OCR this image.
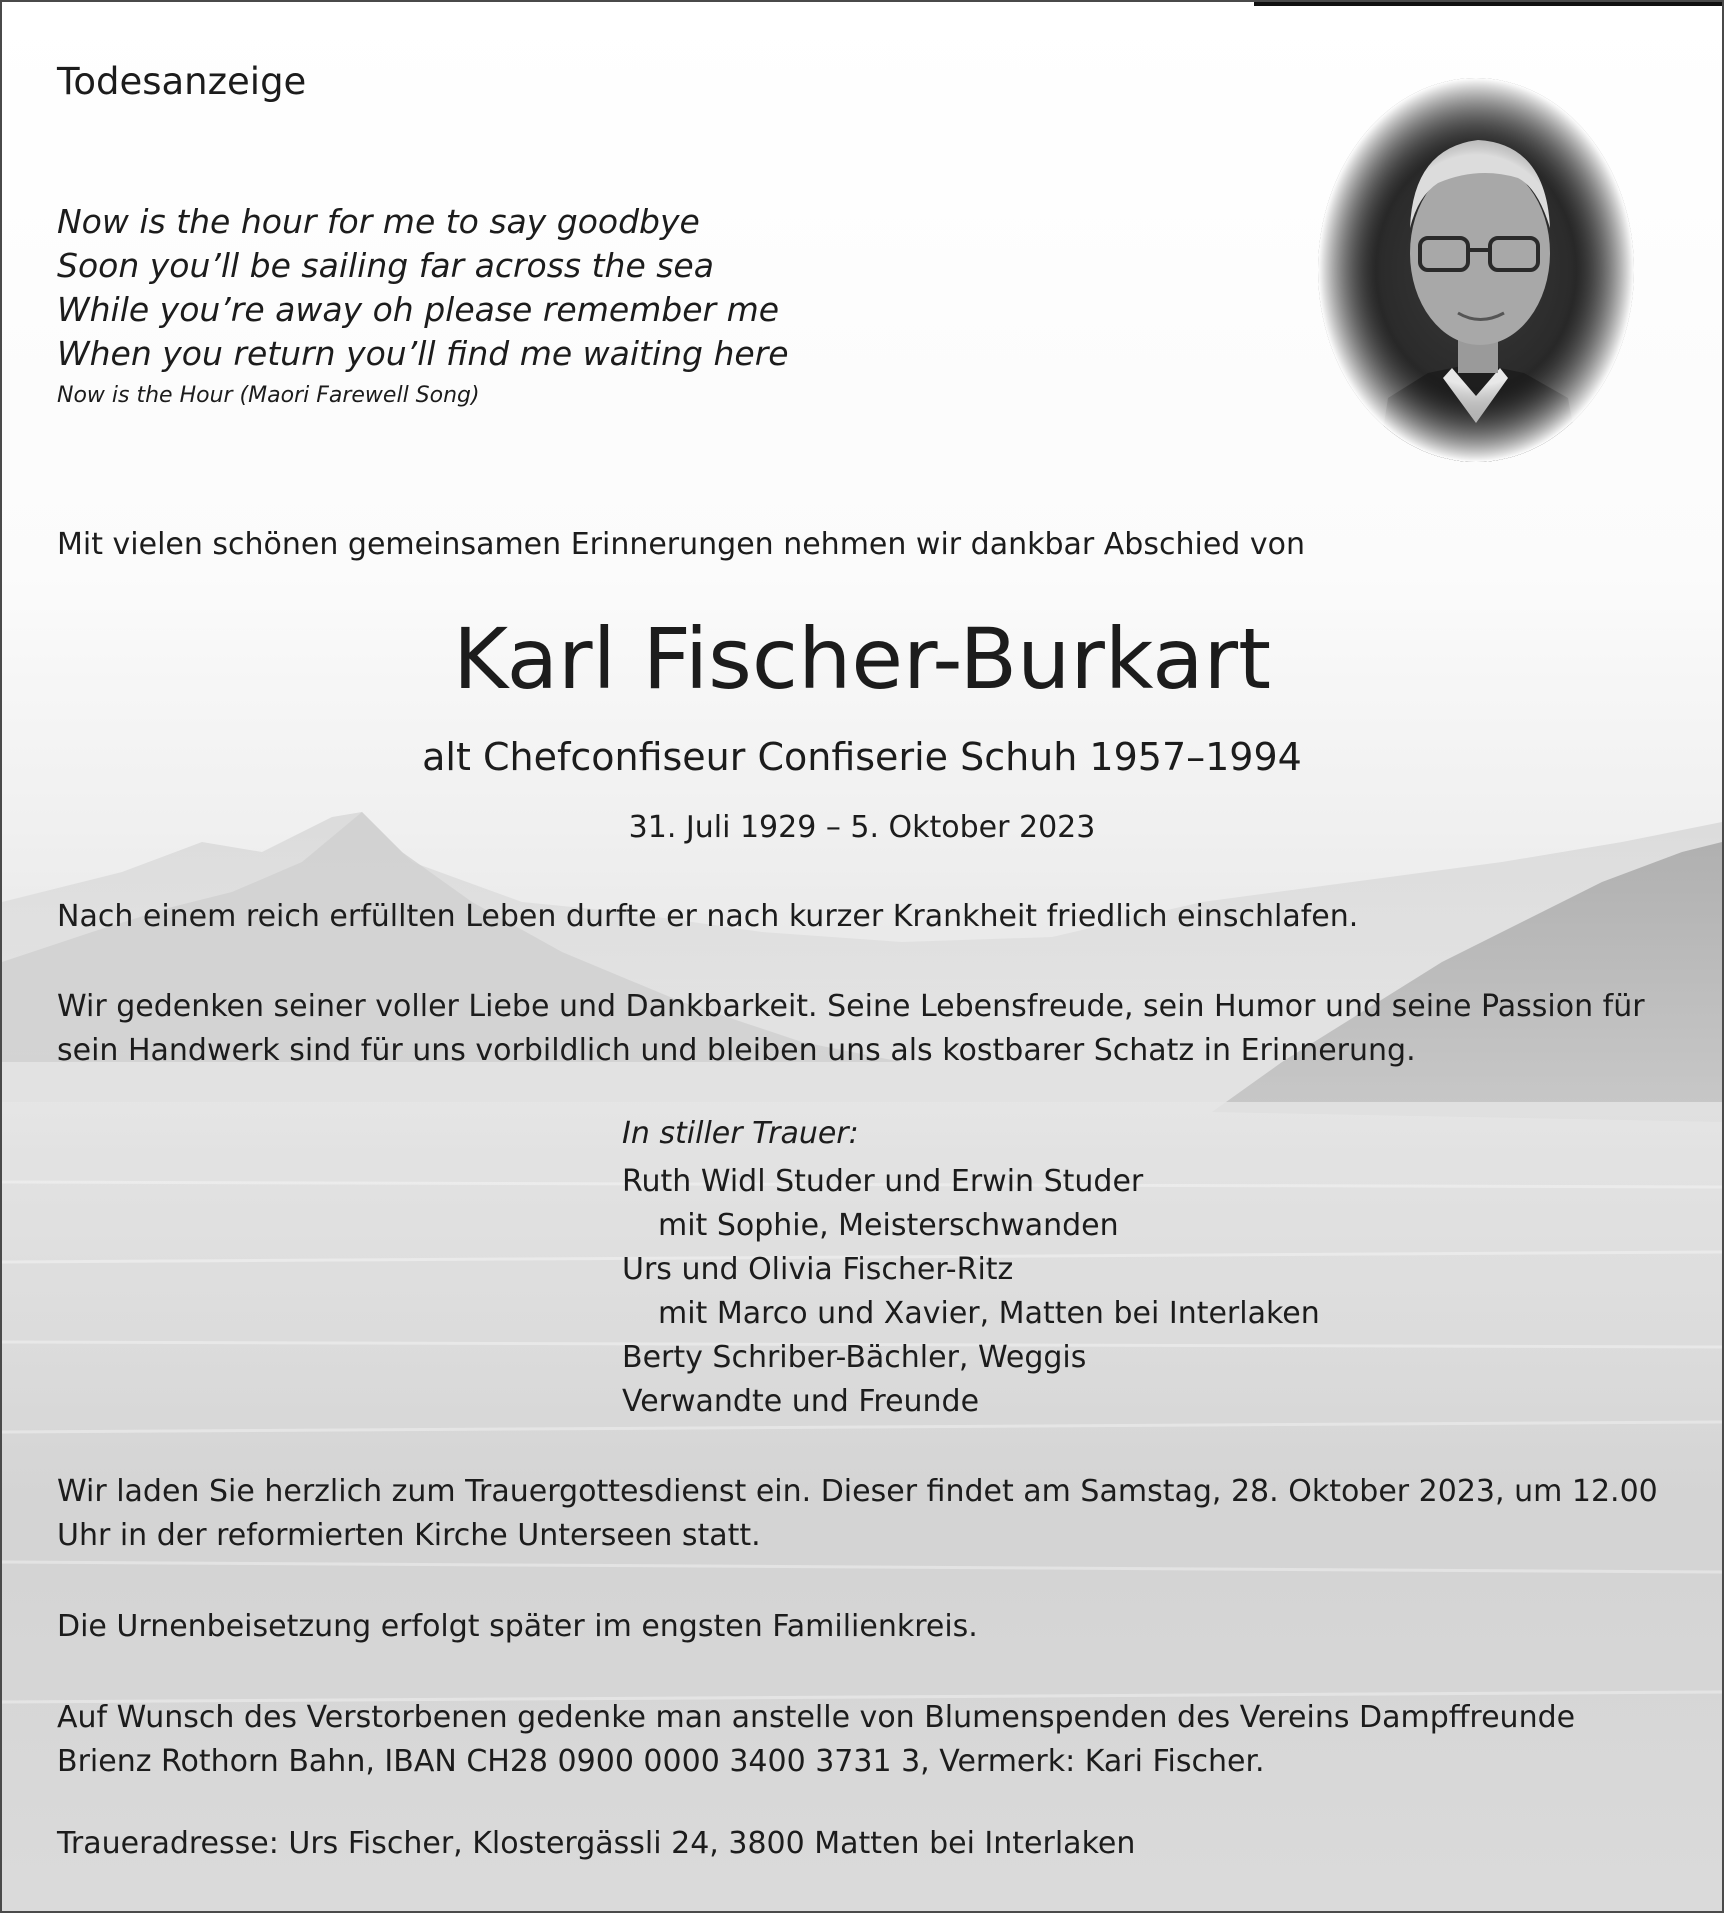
Todesanzeige
Now is the hour for me to say goodbye
Soon you’ll be sailing far across the sea
While you’re away oh please remember me
When you return you’ll find me waiting here
Now is the Hour (Maori Farewell Song)
Mit vielen schönen gemeinsamen Erinnerungen nehmen wir dankbar Abschied von
Karl Fischer-Burkart
alt Chefconfiseur Confiserie Schuh 1957–1994
31. Juli 1929 – 5. Oktober 2023
Nach einem reich erfüllten Leben durfte er nach kurzer Krankheit friedlich einschlafen.
Wir gedenken seiner voller Liebe und Dankbarkeit. Seine Lebensfreude, sein Humor und seine Passion für sein Handwerk sind für uns vorbildlich und bleiben uns als kostbarer Schatz in Erinnerung.
In stiller Trauer:
Ruth Widl Studer und Erwin Studer
mit Sophie, Meisterschwanden
Urs und Olivia Fischer-Ritz
mit Marco und Xavier, Matten bei Interlaken
Berty Schriber-Bächler, Weggis
Verwandte und Freunde
Wir laden Sie herzlich zum Trauergottesdienst ein. Dieser findet am Samstag, 28. Oktober 2023, um 12.00 Uhr in der reformierten Kirche Unterseen statt.
Die Urnenbeisetzung erfolgt später im engsten Familienkreis.
Auf Wunsch des Verstorbenen gedenke man anstelle von Blumenspenden des Vereins Dampffreunde Brienz Rothorn Bahn, IBAN CH28 0900 0000 3400 3731 3, Vermerk: Kari Fischer.
Traueradresse: Urs Fischer, Klostergässli 24, 3800 Matten bei Interlaken
